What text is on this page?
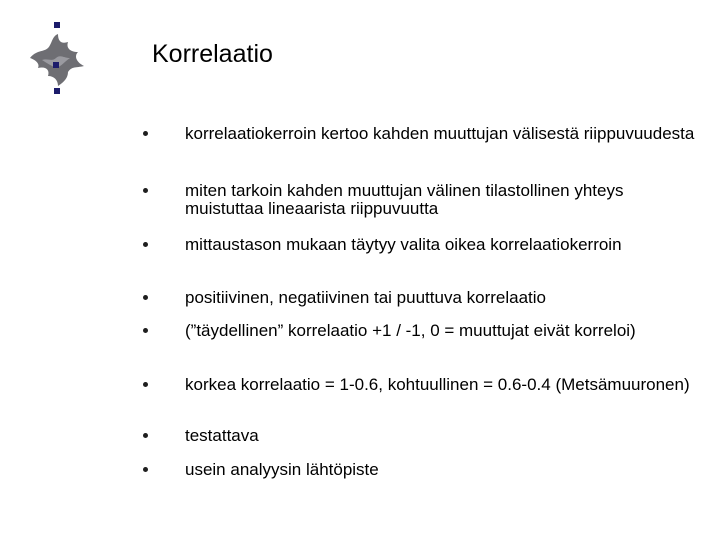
Korrelaatio
korrelaatiokerroin kertoo kahden muuttujan välisestä riippuvuudesta
miten tarkoin kahden muuttujan välinen tilastollinen yhteys muistuttaa lineaarista riippuvuutta
mittaustason mukaan täytyy valita oikea korrelaatiokerroin
positiivinen, negatiivinen tai puuttuva korrelaatio
(”täydellinen” korrelaatio +1 / -1, 0 = muuttujat eivät korreloi)
korkea korrelaatio = 1-0.6, kohtuullinen = 0.6-0.4 (Metsämuuronen)
testattava
usein analyysin lähtöpiste
